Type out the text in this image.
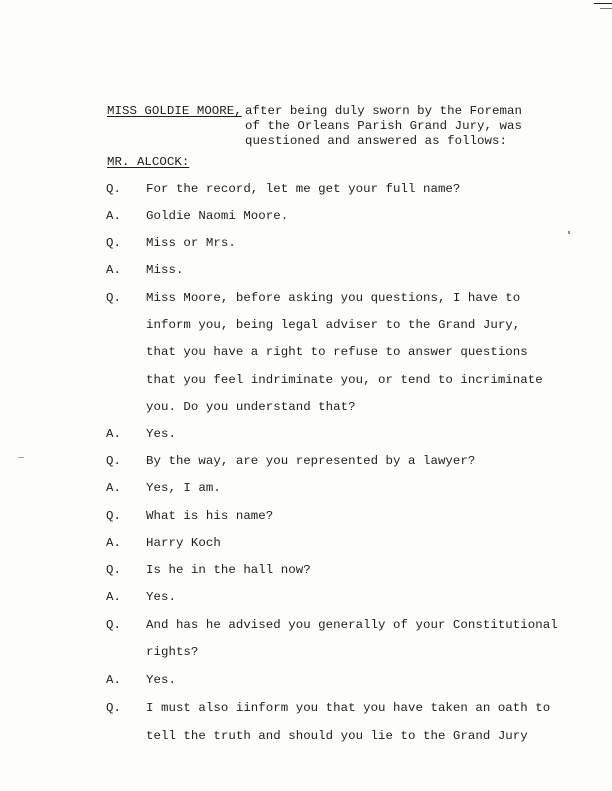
MISS GOLDIE MOORE, after being duly sworn by the Foreman
of the Orleans Parish Grand Jury, was
questioned and answered as follows:
MR. ALCOCK:
Q. For the record, let me get your full name?
A. Goldie Naomi Moore.
Q. Miss or Mrs.
A. Miss.
Q. Miss Moore, before asking you questions, I have to
inform you, being legal adviser to the Grand Jury,
that you have a right to refuse to answer questions
that you feel indriminate you, or tend to incriminate
you. Do you understand that?
A. Yes.
Q. By the way, are you represented by a lawyer?
A. Yes, I am.
Q. What is his name?
A. Harry Koch
Q. Is he in the hall now?
A. Yes.
Q. And has he advised you generally of your Constitutional
rights?
A. Yes.
Q. I must also iinform you that you have taken an oath to
tell the truth and should you lie to the Grand Jury
